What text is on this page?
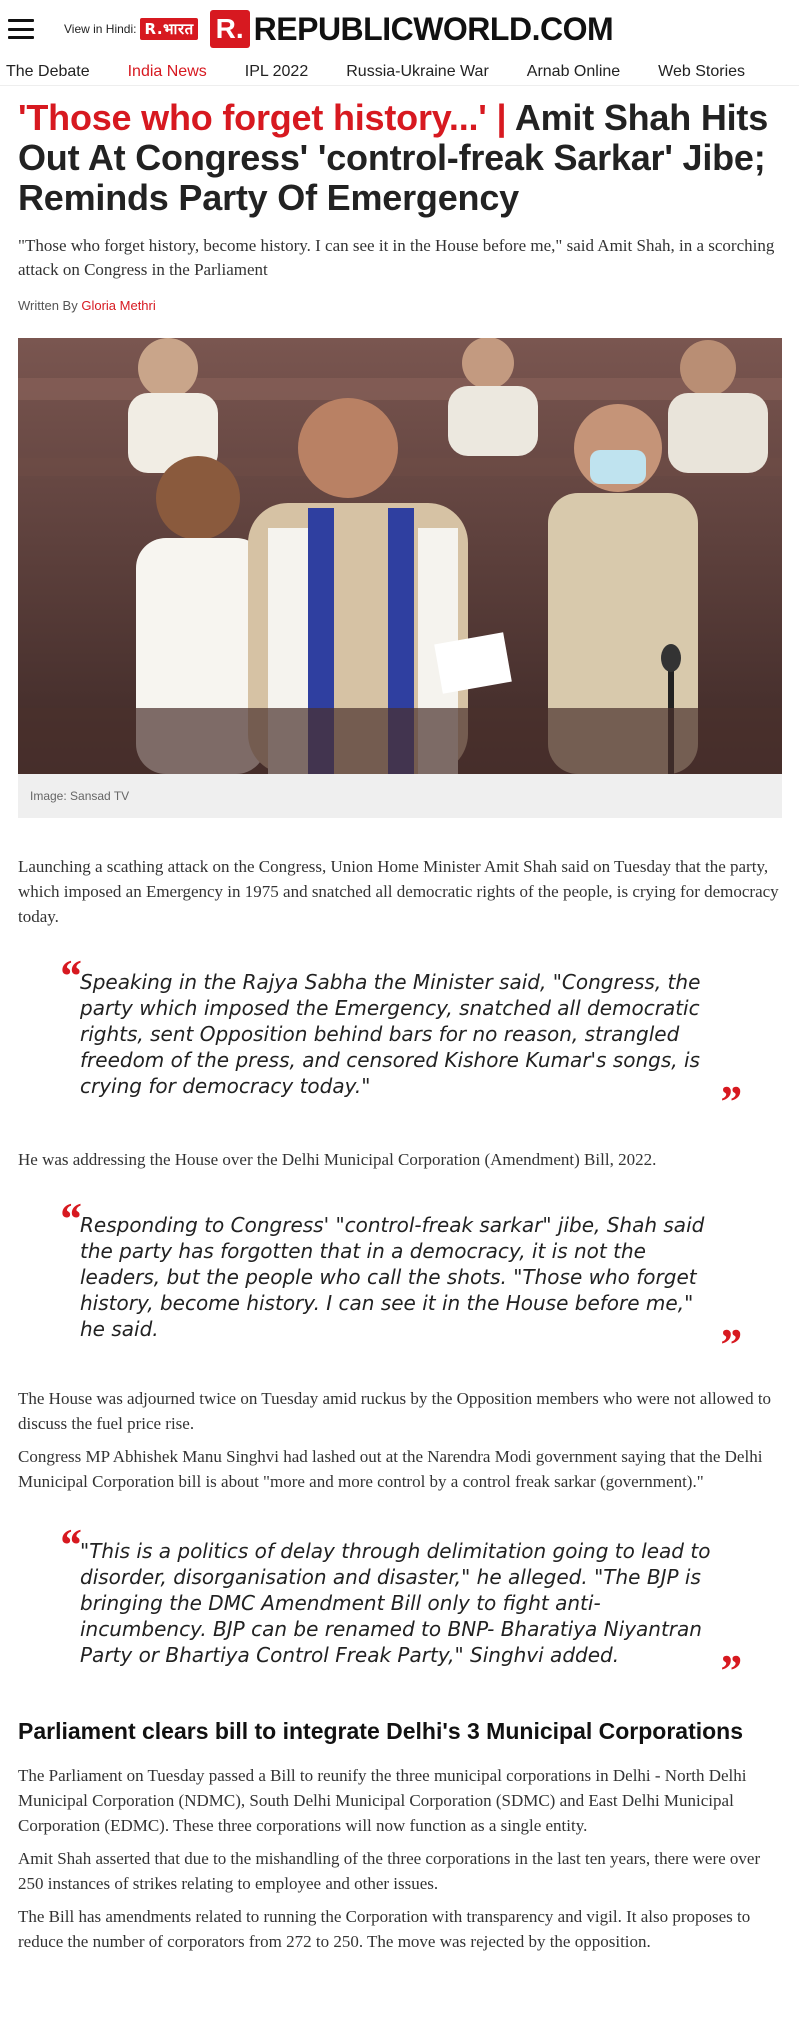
View in Hindi: R.भारत R. REPUBLICWORLD.COM
The Debate India News IPL 2022 Russia-Ukraine War Arnab Online Web Stories
'Those who forget history...' | Amit Shah Hits Out At Congress' 'control-freak Sarkar' Jibe; Reminds Party Of Emergency

"Those who forget history, become history. I can see it in the House before me," said Amit Shah, in a scorching attack on Congress in the Parliament

Written By Gloria Methri
Image: Sansad TV

Launching a scathing attack on the Congress, Union Home Minister Amit Shah said on Tuesday that the party, which imposed an Emergency in 1975 and snatched all democratic rights of the people, is crying for democracy today.

“ Speaking in the Rajya Sabha the Minister said, "Congress, the party which imposed the Emergency, snatched all democratic rights, sent Opposition behind bars for no reason, strangled freedom of the press, and censored Kishore Kumar's songs, is crying for democracy today."	”

He was addressing the House over the Delhi Municipal Corporation (Amendment) Bill, 2022.

“ Responding to Congress' "control-freak sarkar" jibe, Shah said the party has forgotten that in a democracy, it is not the leaders, but the people who call the shots. "Those who forget history, become history. I can see it in the House before me," he said.	”

The House was adjourned twice on Tuesday amid ruckus by the Opposition members who were not allowed to discuss the fuel price rise.

Congress MP Abhishek Manu Singhvi had lashed out at the Narendra Modi government saying that the Delhi Municipal Corporation bill is about "more and more control by a control freak sarkar (government)."

“ "This is a politics of delay through delimitation going to lead to disorder, disorganisation and disaster," he alleged. "The BJP is bringing the DMC Amendment Bill only to fight anti-incumbency. BJP can be renamed to BNP- Bharatiya Niyantran Party or Bhartiya Control Freak Party," Singhvi added.	”
Parliament clears bill to integrate Delhi's 3 Municipal Corporations

The Parliament on Tuesday passed a Bill to reunify the three municipal corporations in Delhi - North Delhi Municipal Corporation (NDMC), South Delhi Municipal Corporation (SDMC) and East Delhi Municipal Corporation (EDMC). These three corporations will now function as a single entity.

Amit Shah asserted that due to the mishandling of the three corporations in the last ten years, there were over 250 instances of strikes relating to employee and other issues.

The Bill has amendments related to running the Corporation with transparency and vigil. It also proposes to reduce the number of corporators from 272 to 250. The move was rejected by the opposition.
